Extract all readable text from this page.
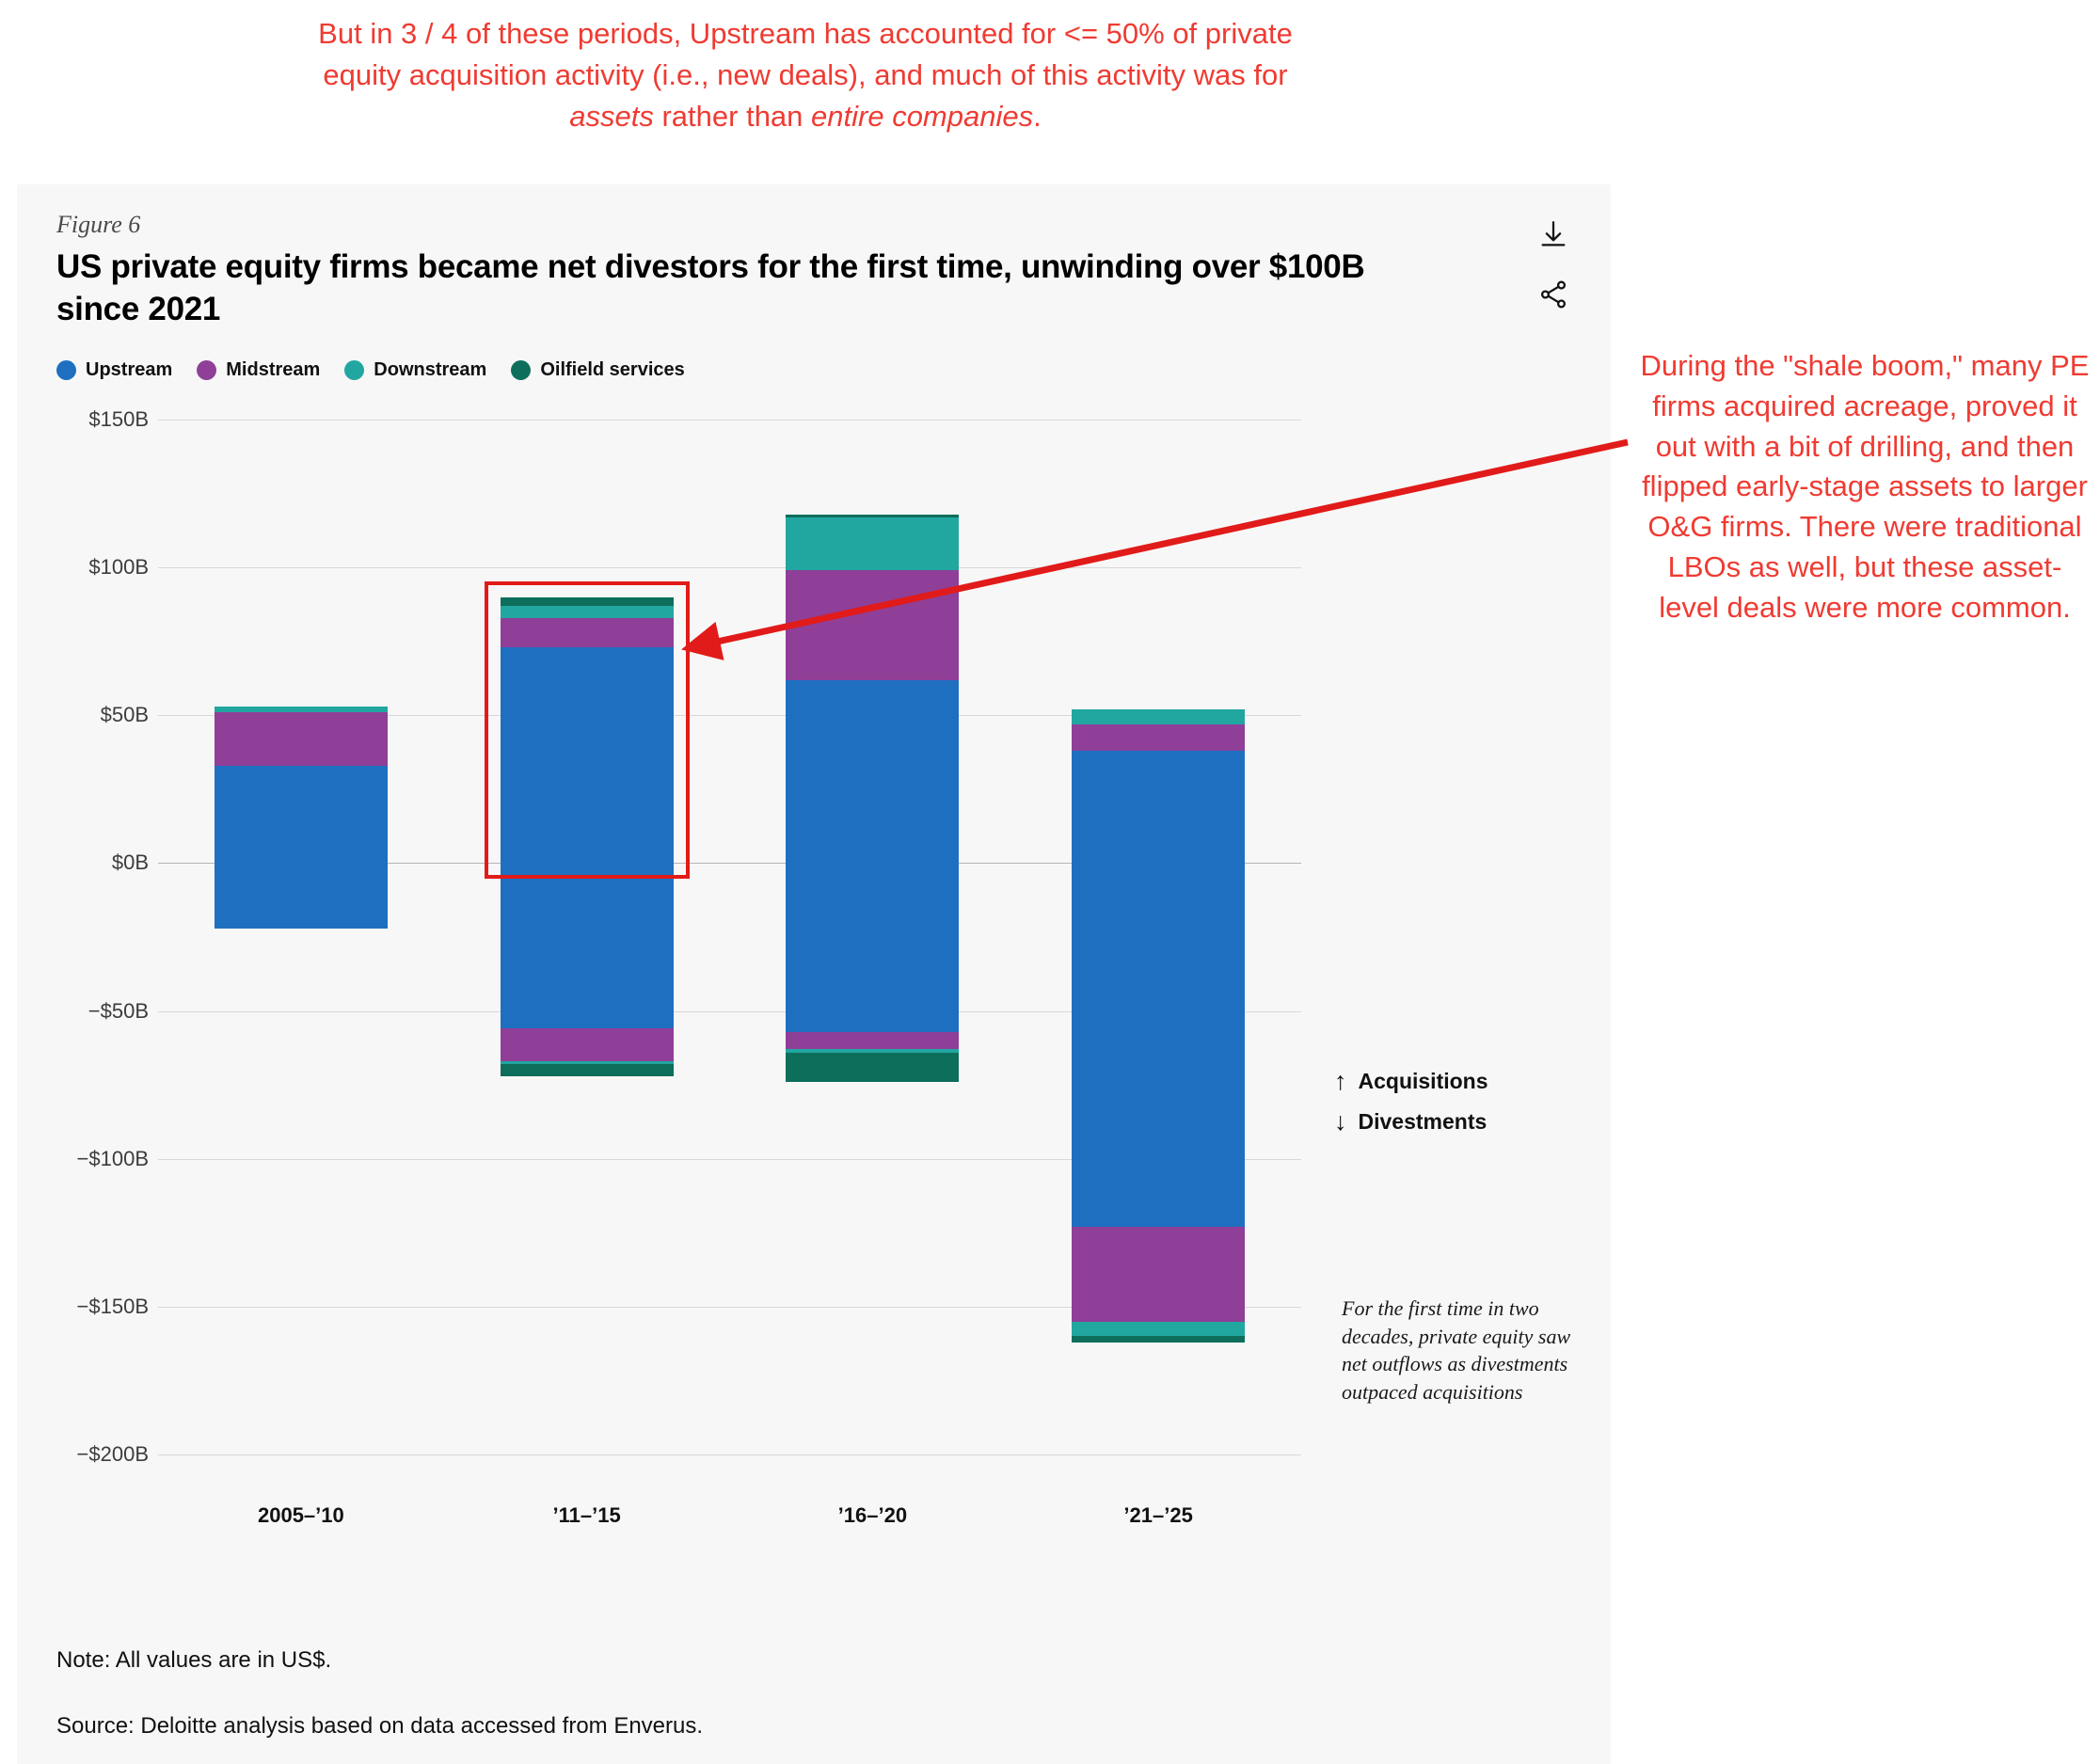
But in 3 / 4 of these periods, Upstream has accounted for <= 50% of private
equity acquisition activity (i.e., new deals), and much of this activity was for
assets rather than entire companies.
Figure 6
US private equity firms became net divestors for the first time, unwinding over $100B since 2021
Upstream	Midstream	Downstream	Oilfield services
$150B
$100B
$50B
$0B
−$50B
−$100B
−$150B
−$200B
2005–’10	’11–’15	’16–’20	’21–’25
↑ Acquisitions
↓ Divestments
For the first time in two decades, private equity saw net outflows as divestments outpaced acquisitions
Note: All values are in US$.
Source: Deloitte analysis based on data accessed from Enverus.
During the "shale boom," many PE firms acquired acreage, proved it out with a bit of drilling, and then flipped early-stage assets to larger O&G firms. There were traditional LBOs as well, but these asset-level deals were more common.
